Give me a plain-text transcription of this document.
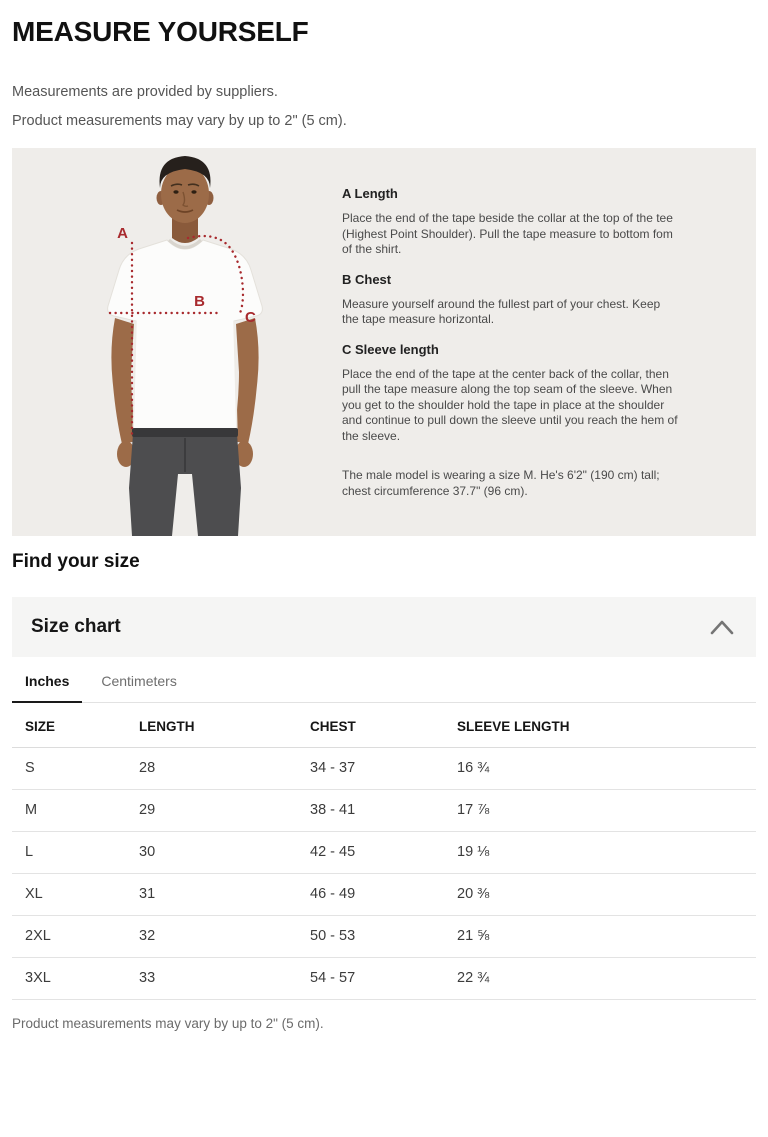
MEASURE YOURSELF

Measurements are provided by suppliers.

Product measurements may vary by up to 2" (5 cm).

A
B
C
A Length

Place the end of the tape beside the collar at the top of the tee (Highest Point Shoulder). Pull the tape measure to bottom fom of the shirt.

B Chest

Measure yourself around the fullest part of your chest. Keep the tape measure horizontal.

C Sleeve length

Place the end of the tape at the center back of the collar, then pull the tape measure along the top seam of the sleeve. When you get to the shoulder hold the tape in place at the shoulder and continue to pull down the sleeve until you reach the hem of the sleeve.

The male model is wearing a size M. He's 6'2" (190 cm) tall; chest circumference 37.7" (96 cm).

Find your size
Size chart
Inches	Centimeters
SIZE	LENGTH	CHEST	SLEEVE LENGTH
S	28	34 - 37	16 ¾
M	29	38 - 41	17 ⅞
L	30	42 - 45	19 ⅛
XL	31	46 - 49	20 ⅜
2XL	32	50 - 53	21 ⅝
3XL	33	54 - 57	22 ¾

Product measurements may vary by up to 2" (5 cm).
